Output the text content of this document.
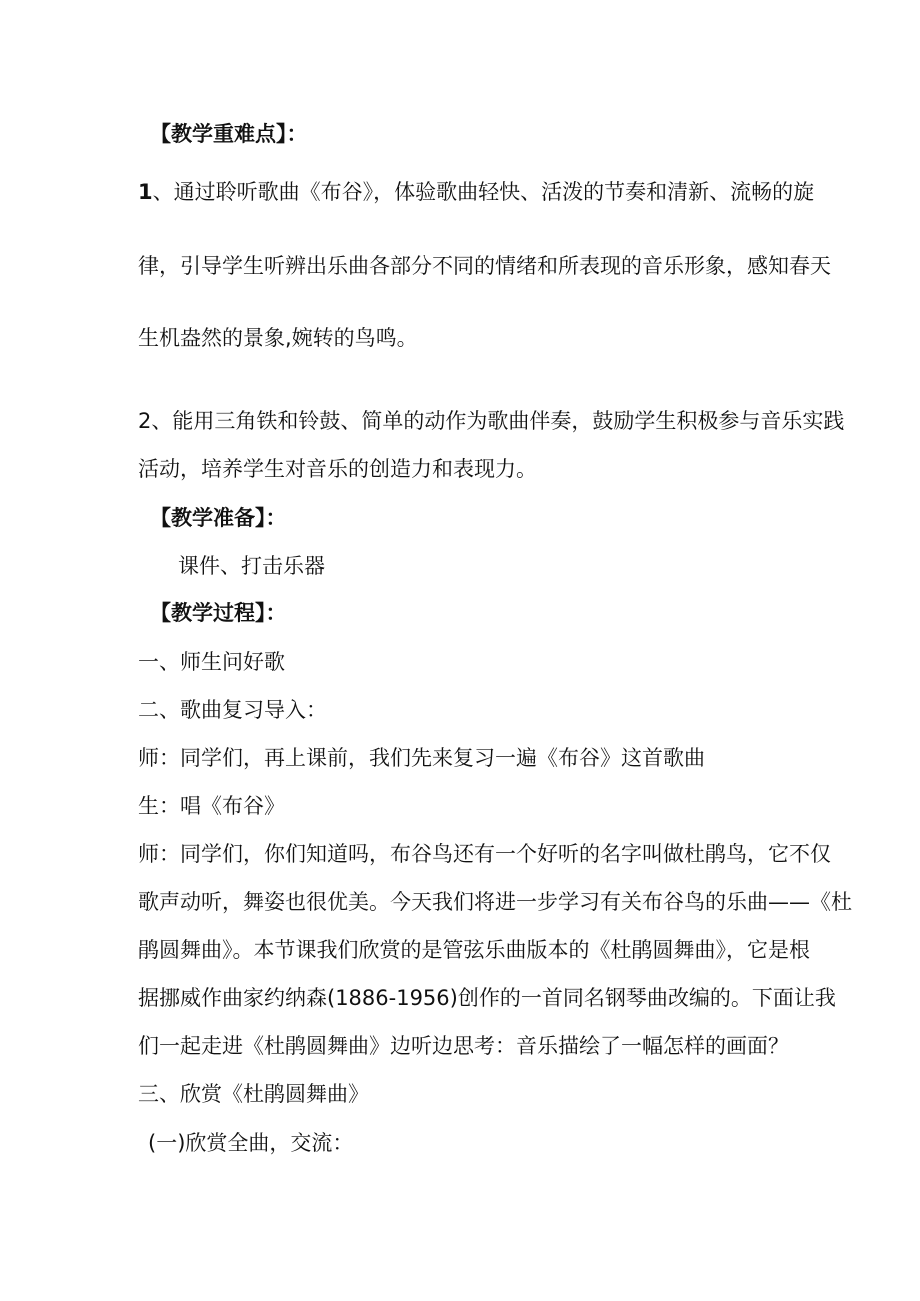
【教学重难点】：
1、通过聆听歌曲《布谷》，体验歌曲轻快、活泼的节奏和清新、流畅的旋
律，引导学生听辨出乐曲各部分不同的情绪和所表现的音乐形象，感知春天
生机盎然的景象,婉转的鸟鸣。
2、能用三角铁和铃鼓、简单的动作为歌曲伴奏，鼓励学生积极参与音乐实践
活动，培养学生对音乐的创造力和表现力。
【教学准备】：
课件、打击乐器
【教学过程】：
一、师生问好歌
二、歌曲复习导入：
师：同学们，再上课前，我们先来复习一遍《布谷》这首歌曲
生：唱《布谷》
师：同学们，你们知道吗，布谷鸟还有一个好听的名字叫做杜鹃鸟，它不仅
歌声动听，舞姿也很优美。今天我们将进一步学习有关布谷鸟的乐曲——《杜
鹃圆舞曲》。本节课我们欣赏的是管弦乐曲版本的《杜鹃圆舞曲》，它是根
据挪威作曲家约纳森(1886-1956)创作的一首同名钢琴曲改编的。下面让我
们一起走进《杜鹃圆舞曲》边听边思考：音乐描绘了一幅怎样的画面？
三、欣赏《杜鹃圆舞曲》
(一)欣赏全曲，交流：
